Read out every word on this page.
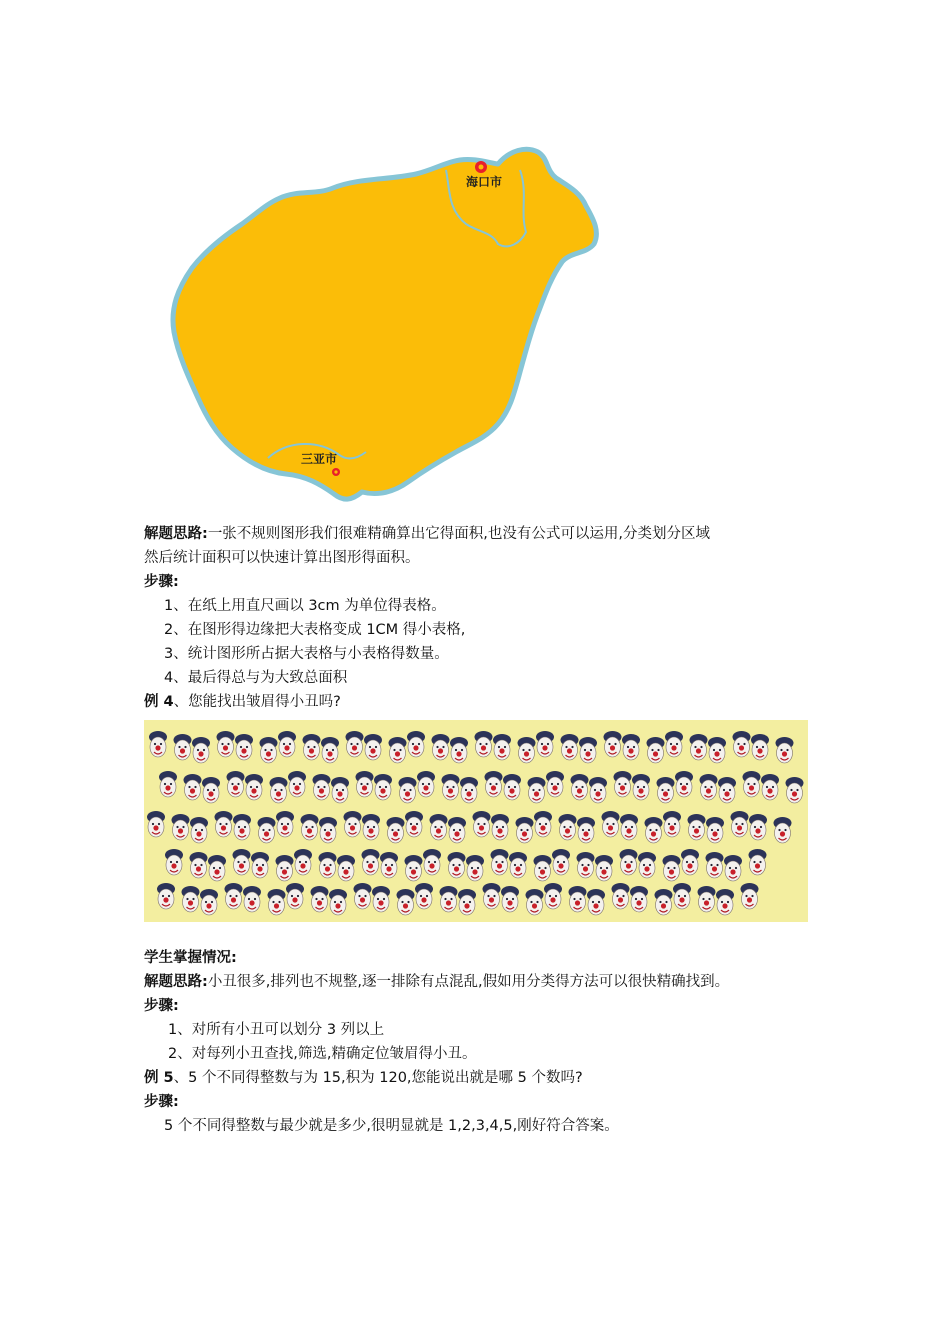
海口市
三亚市
解题思路:一张不规则图形我们很难精确算出它得面积,也没有公式可以运用,分类划分区域
然后统计面积可以快速计算出图形得面积。
步骤:
1、在纸上用直尺画以 3cm 为单位得表格。
2、在图形得边缘把大表格变成 1CM 得小表格,
3、统计图形所占据大表格与小表格得数量。
4、最后得总与为大致总面积
例 4、您能找出皱眉得小丑吗?
学生掌握情况:
解题思路:小丑很多,排列也不规整,逐一排除有点混乱,假如用分类得方法可以很快精确找到。
步骤:
1、对所有小丑可以划分 3 列以上
2、对每列小丑查找,筛选,精确定位皱眉得小丑。
例 5、5 个不同得整数与为 15,积为 120,您能说出就是哪 5 个数吗?
步骤:
5 个不同得整数与最少就是多少,很明显就是 1,2,3,4,5,刚好符合答案。
